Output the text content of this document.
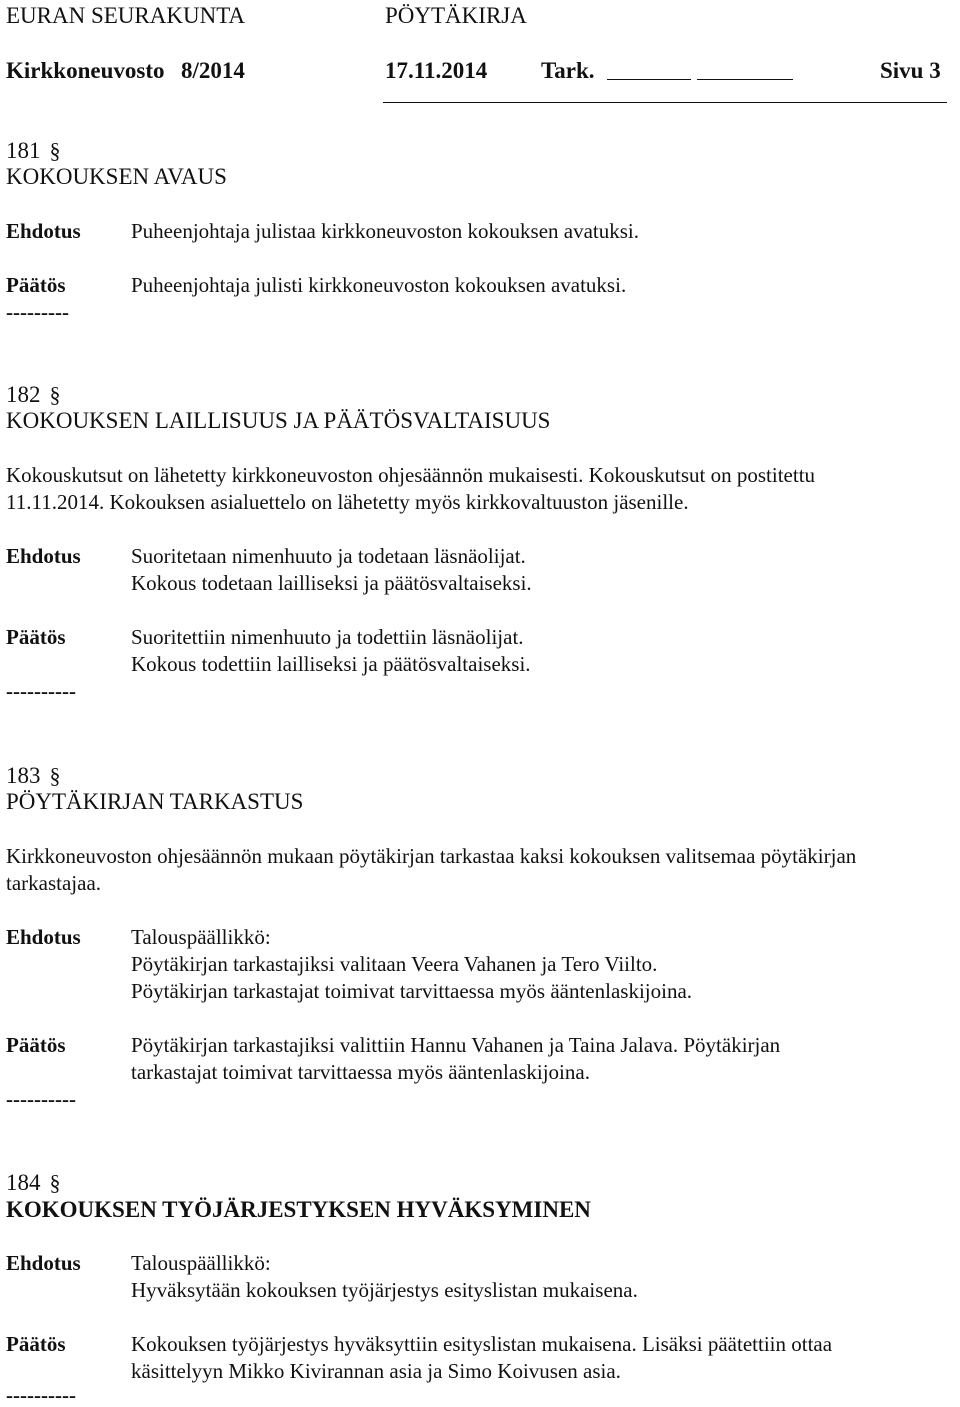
EURAN SEURAKUNTA	PÖYTÄKIRJA
Kirkkoneuvosto 8/2014	17.11.2014 Tark.	Sivu 3
181 §
KOKOUKSEN AVAUS
Ehdotus Puheenjohtaja julistaa kirkkoneuvoston kokouksen avatuksi.
Päätös	Puheenjohtaja julisti kirkkoneuvoston kokouksen avatuksi.
---------
182 §
KOKOUKSEN LAILLISUUS JA PÄÄTÖSVALTAISUUS
Kokouskutsut on lähetetty kirkkoneuvoston ohjesäännön mukaisesti. Kokouskutsut on postitettu
11.11.2014. Kokouksen asialuettelo on lähetetty myös kirkkovaltuuston jäsenille.
Ehdotus Suoritetaan nimenhuuto ja todetaan läsnäolijat.
Kokous todetaan lailliseksi ja päätösvaltaiseksi.
Päätös	Suoritettiin nimenhuuto ja todettiin läsnäolijat.
Kokous todettiin lailliseksi ja päätösvaltaiseksi.
----------
183 §
PÖYTÄKIRJAN TARKASTUS
Kirkkoneuvoston ohjesäännön mukaan pöytäkirjan tarkastaa kaksi kokouksen valitsemaa pöytäkirjan
tarkastajaa.
Ehdotus Talouspäällikkö:
Pöytäkirjan tarkastajiksi valitaan Veera Vahanen ja Tero Viilto.
Pöytäkirjan tarkastajat toimivat tarvittaessa myös ääntenlaskijoina.
Päätös	Pöytäkirjan tarkastajiksi valittiin Hannu Vahanen ja Taina Jalava. Pöytäkirjan
tarkastajat toimivat tarvittaessa myös ääntenlaskijoina.
----------
184 §
KOKOUKSEN TYÖJÄRJESTYKSEN HYVÄKSYMINEN
Ehdotus Talouspäällikkö:
Hyväksytään kokouksen työjärjestys esityslistan mukaisena.
Päätös	Kokouksen työjärjestys hyväksyttiin esityslistan mukaisena. Lisäksi päätettiin ottaa
käsittelyyn Mikko Kivirannan asia ja Simo Koivusen asia.
----------
